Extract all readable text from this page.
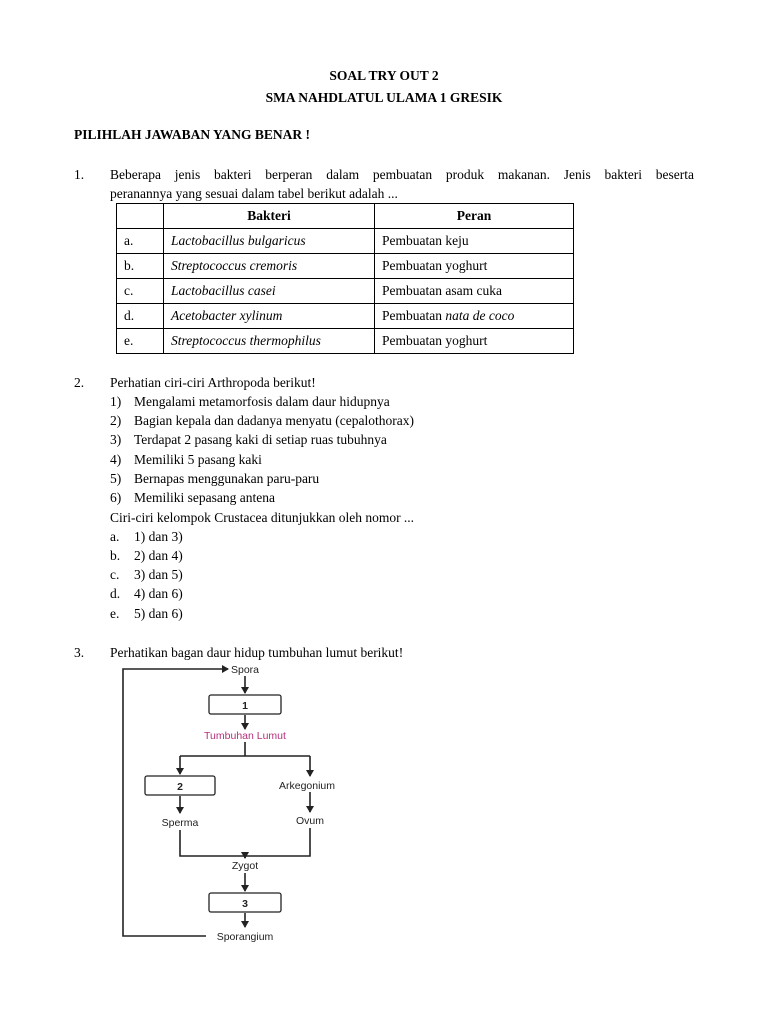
SOAL TRY OUT 2
SMA NAHDLATUL ULAMA 1 GRESIK
PILIHLAH JAWABAN YANG BENAR !
1. Beberapa jenis bakteri berperan dalam pembuatan produk makanan. Jenis bakteri beserta
peranannya yang sesuai dalam tabel berikut adalah ...
	Bakteri	Peran
a.	Lactobacillus bulgaricus	Pembuatan keju
b.	Streptococcus cremoris	Pembuatan yoghurt
c.	Lactobacillus casei	Pembuatan asam cuka
d.	Acetobacter xylinum	Pembuatan nata de coco
e.	Streptococcus thermophilus	Pembuatan yoghurt
2. Perhatian ciri-ciri Arthropoda berikut!
1) Mengalami metamorfosis dalam daur hidupnya
2) Bagian kepala dan dadanya menyatu (cepalothorax)
3) Terdapat 2 pasang kaki di setiap ruas tubuhnya
4) Memiliki 5 pasang kaki
5) Bernapas menggunakan paru-paru
6) Memiliki sepasang antena
Ciri-ciri kelompok Crustacea ditunjukkan oleh nomor ...
a. 1) dan 3)
b. 2) dan 4)
c. 3) dan 5)
d. 4) dan 6)
e. 5) dan 6)
3. Perhatikan bagan daur hidup tumbuhan lumut berikut!
Spora
1
Tumbuhan Lumut
2	Arkegonium
Sperma	Ovum
Zygot
3
Sporangium
